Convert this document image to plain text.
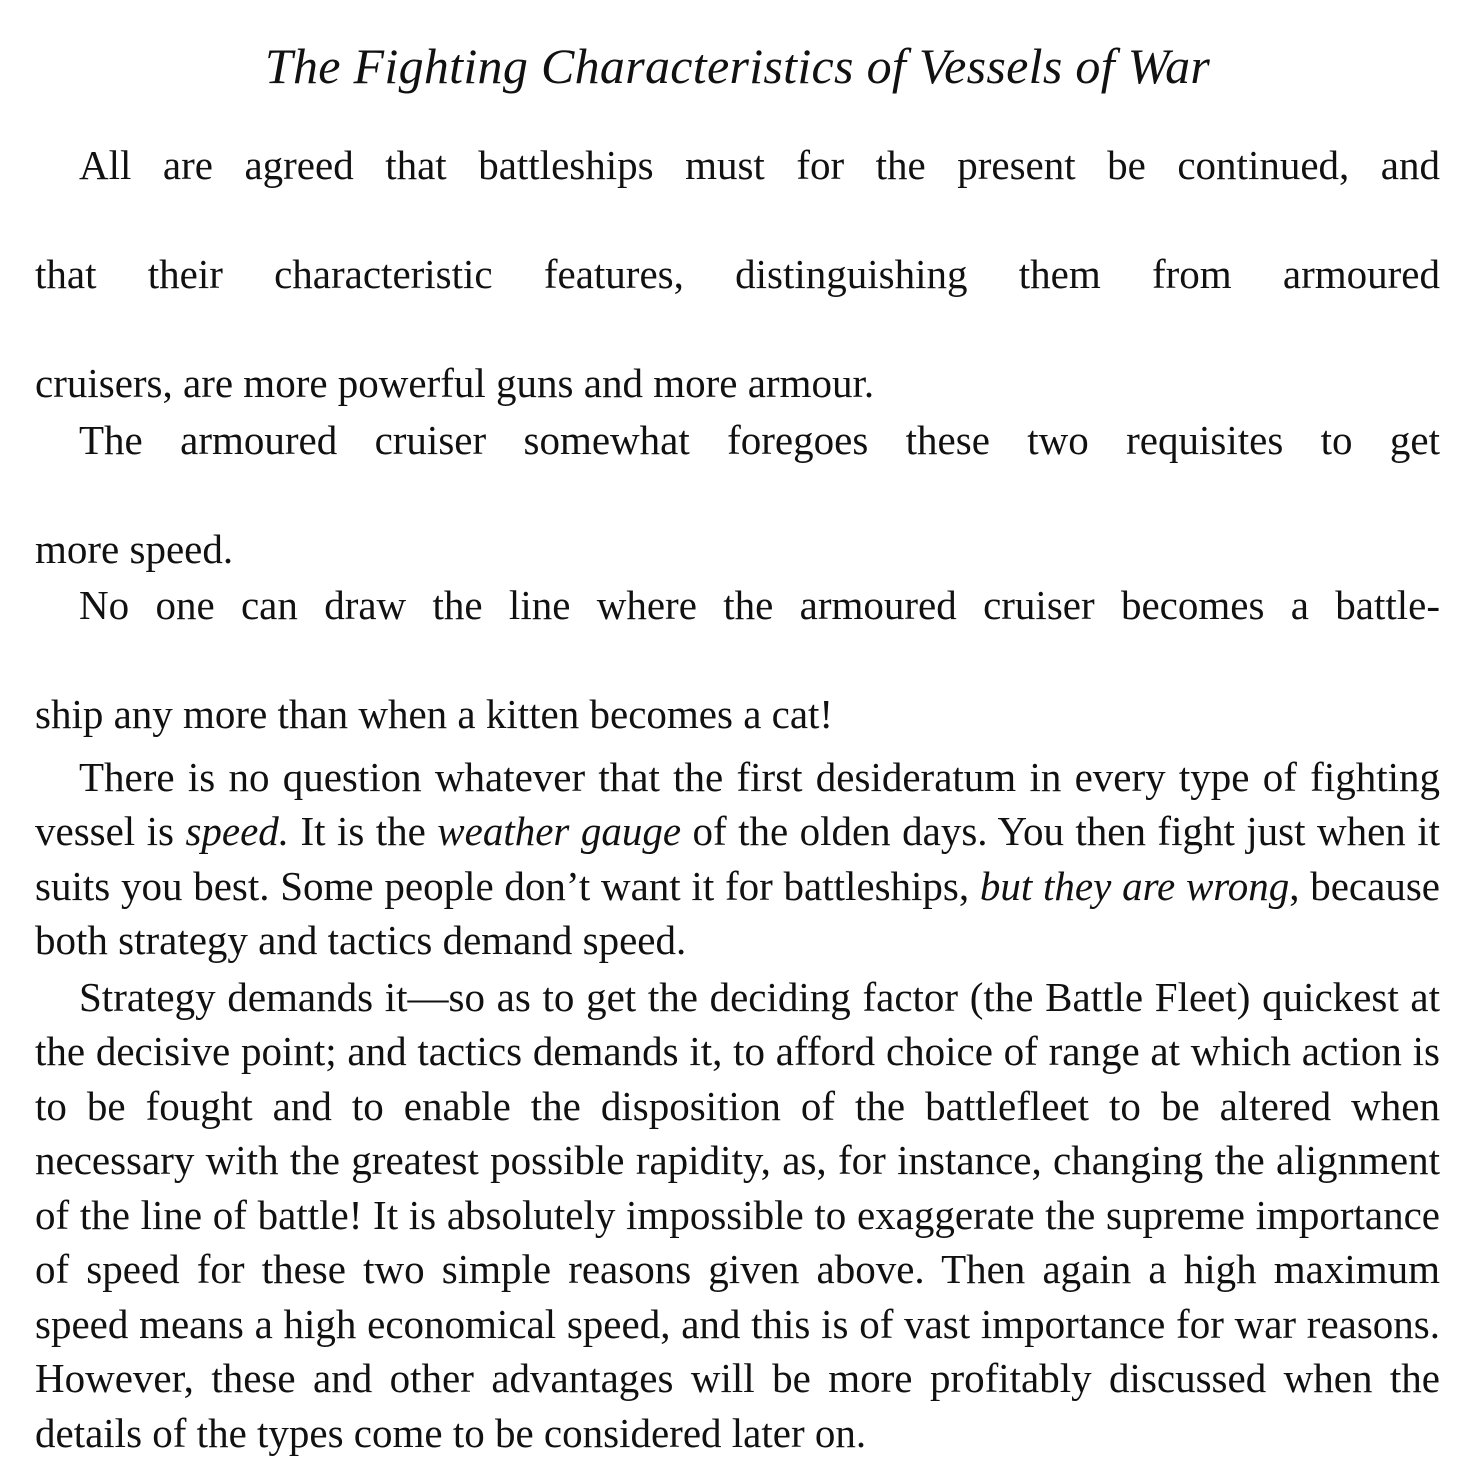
The Fighting Characteristics of Vessels of War

All are agreed that battleships must for the present be continued, andthat their characteristic features, distinguishing them from armouredcruisers, are more powerful guns and more armour.

The armoured cruiser somewhat foregoes these two requisites to getmore speed.

No one can draw the line where the armoured cruiser becomes a battle-ship any more than when a kitten becomes a cat!

There is no question whatever that the first desideratum in every type of fighting vessel is speed. It is the weather gauge of the olden days. You then fight just when it suits you best. Some people don’t want it for battleships, but they are wrong, because both strategy and tactics demand speed.

Strategy demands it—so as to get the deciding factor (the Battle Fleet) quickest at the decisive point; and tactics demands it, to afford choice of range at which action is to be fought and to enable the disposition of the battlefleet to be altered when necessary with the greatest possible rapidity, as, for instance, changing the alignment of the line of battle! It is absolutely impossible to exaggerate the supreme importance of speed for these two simple reasons given above. Then again a high maximum speed means a high economical speed, and this is of vast importance for war reasons. However, these and other advantages will be more profitably discussed when the details of the types come to be considered later on.
